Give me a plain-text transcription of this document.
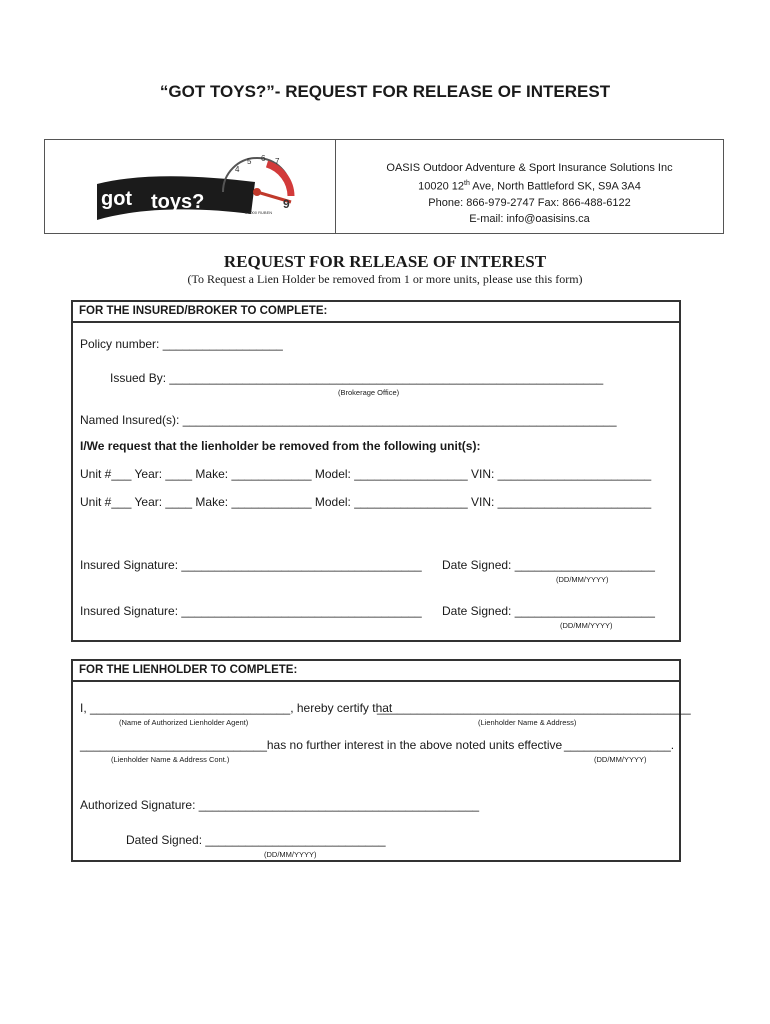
“GOT TOYS?”- REQUEST FOR RELEASE OF INTEREST
got toys?
4
5 6 7
9
x 1000 RUBEN
OASIS Outdoor Adventure & Sport Insurance Solutions Inc
10020 12th Ave, North Battleford SK, S9A 3A4
Phone: 866-979-2747 Fax: 866-488-6122
E-mail: info@oasisins.ca
REQUEST FOR RELEASE OF INTEREST
(To Request a Lien Holder be removed from 1 or more units, please use this form)
FOR THE INSURED/BROKER TO COMPLETE:
Policy number: __________________
Issued By: _________________________________________________________________
(Brokerage Office)
Named Insured(s): _________________________________________________________________
I/We request that the lienholder be removed from the following unit(s):
Unit #___ Year: ____ Make: ____________ Model: _________________ VIN: _______________________
Unit #___ Year: ____ Make: ____________ Model: _________________ VIN: _______________________
Insured Signature: ____________________________________ Date Signed: _____________________
(DD/MM/YYYY)
Insured Signature: ____________________________________ Date Signed: _____________________
(DD/MM/YYYY)
FOR THE LIENHOLDER TO COMPLETE:
I, ______________________________, hereby certify that
_______________________________________________
(Name of Authorized Lienholder Agent)	(Lienholder Name & Address)
____________________________has no further interest in the above noted units effective ________________.
(Lienholder Name & Address Cont.)	(DD/MM/YYYY)
Authorized Signature: __________________________________________
Dated Signed: ___________________________
(DD/MM/YYYY)
